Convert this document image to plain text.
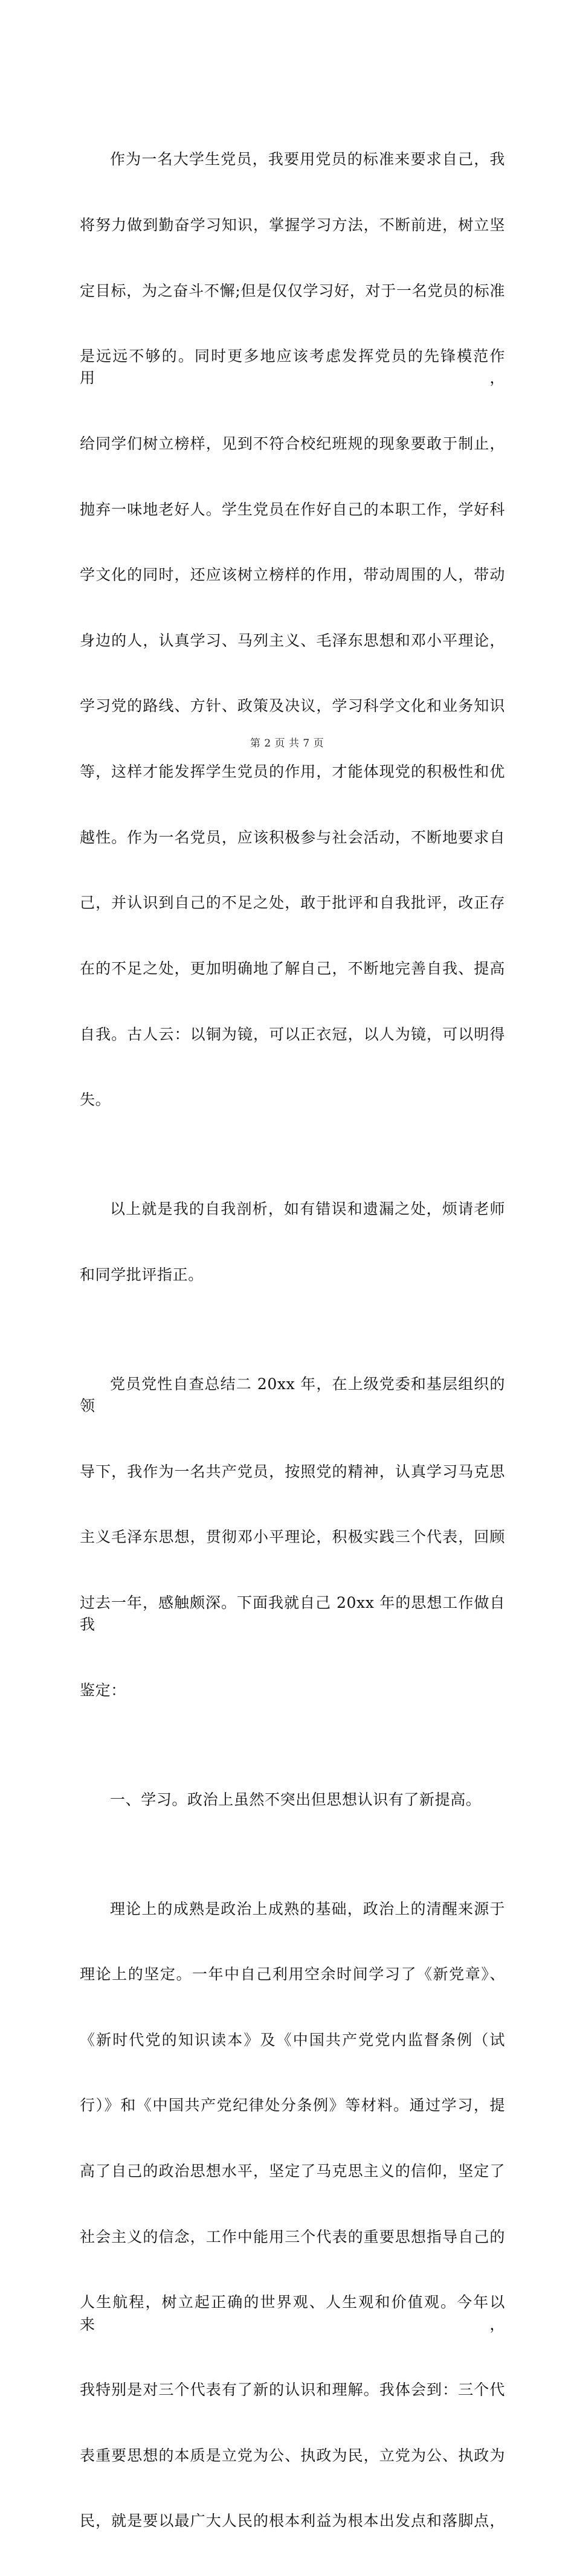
作为一名大学生党员，我要用党员的标准来要求自己，我

将努力做到勤奋学习知识，掌握学习方法，不断前进，树立坚

定目标，为之奋斗不懈;但是仅仅学习好，对于一名党员的标准

是远远不够的。同时更多地应该考虑发挥党员的先锋模范作用，

给同学们树立榜样，见到不符合校纪班规的现象要敢于制止，

抛弃一味地老好人。学生党员在作好自己的本职工作，学好科

学文化的同时，还应该树立榜样的作用，带动周围的人，带动

身边的人，认真学习、马列主义、毛泽东思想和邓小平理论，

学习党的路线、方针、政策及决议，学习科学文化和业务知识

等，这样才能发挥学生党员的作用，才能体现党的积极性和优

越性。作为一名党员，应该积极参与社会活动，不断地要求自

己，并认识到自己的不足之处，敢于批评和自我批评，改正存

在的不足之处，更加明确地了解自己，不断地完善自我、提高

自我。古人云：以铜为镜，可以正衣冠，以人为镜，可以明得

失。

以上就是我的自我剖析，如有错误和遗漏之处，烦请老师

和同学批评指正。

党员党性自查总结二 20xx 年，在上级党委和基层组织的领

导下，我作为一名共产党员，按照党的精神，认真学习马克思

主义毛泽东思想，贯彻邓小平理论，积极实践三个代表，回顾

过去一年，感触颇深。下面我就自己 20xx 年的思想工作做自我

鉴定：

一、学习。政治上虽然不突出但思想认识有了新提高。

理论上的成熟是政治上成熟的基础，政治上的清醒来源于

理论上的坚定。一年中自己利用空余时间学习了《新党章》、

《新时代党的知识读本》及《中国共产党党内监督条例（试

行）》和《中国共产党纪律处分条例》等材料。通过学习，提

高了自己的政治思想水平，坚定了马克思主义的信仰，坚定了

社会主义的信念，工作中能用三个代表的重要思想指导自己的

人生航程，树立起正确的世界观、人生观和价值观。今年以来，

我特别是对三个代表有了新的认识和理解。我体会到：三个代

表重要思想的本质是立党为公、执政为民，立党为公、执政为

民，就是要以最广大人民的根本利益为根本出发点和落脚点，

第 2 页 共 7 页
